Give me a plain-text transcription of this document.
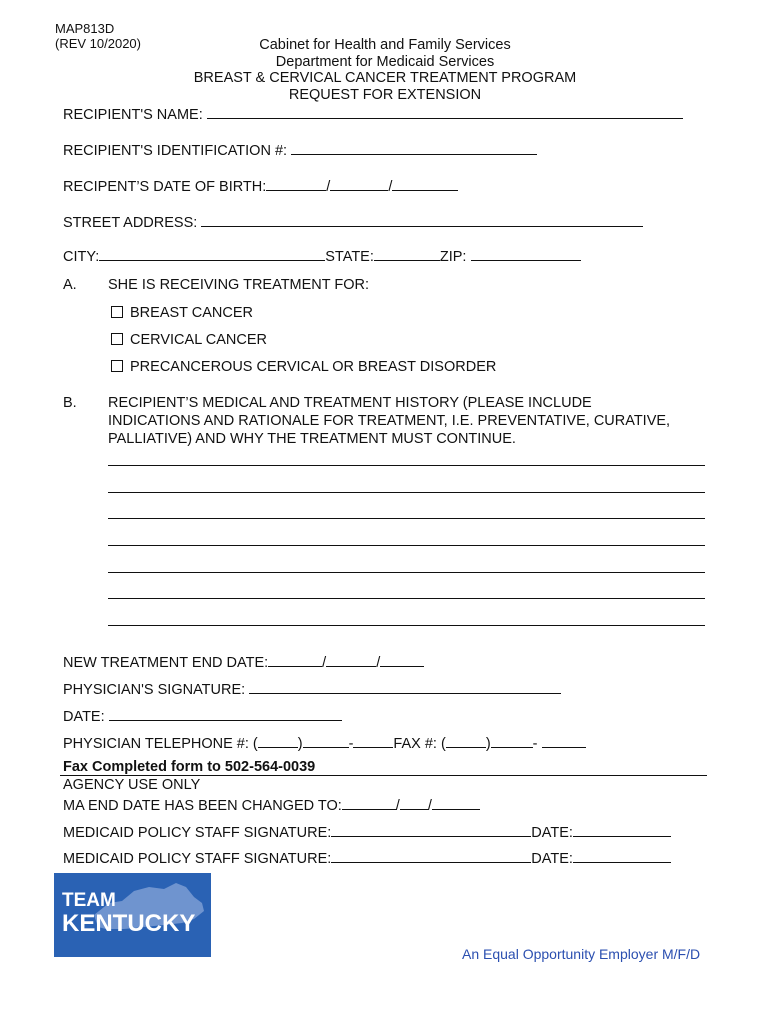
MAP813D
(REV 10/2020)	Cabinet for Health and Family Services
Department for Medicaid Services
BREAST & CERVICAL CANCER TREATMENT PROGRAM
REQUEST FOR EXTENSION
RECIPIENT'S NAME:
RECIPIENT'S IDENTIFICATION #:
RECIPENT’S DATE OF BIRTH:	/	/
STREET ADDRESS:
CITY:	STATE:	ZIP:
A. SHE IS RECEIVING TREATMENT FOR:
BREAST CANCER
CERVICAL CANCER
PRECANCEROUS CERVICAL OR BREAST DISORDER
B. RECIPIENT’S MEDICAL AND TREATMENT HISTORY (PLEASE INCLUDE
INDICATIONS AND RATIONALE FOR TREATMENT, I.E. PREVENTATIVE, CURATIVE,
PALLIATIVE) AND WHY THE TREATMENT MUST CONTINUE.
NEW TREATMENT END DATE:	/	/
PHYSICIAN'S SIGNATURE:
DATE:
PHYSICIAN TELEPHONE #: (	)	-	FAX #: (	)	-
Fax Completed form to 502-564-0039
AGENCY USE ONLY
MA END DATE HAS BEEN CHANGED TO:	/ /
MEDICAID POLICY STAFF SIGNATURE:	DATE:
MEDICAID POLICY STAFF SIGNATURE:	DATE:
TEAM
KENTUCKY
An Equal Opportunity Employer M/F/D
